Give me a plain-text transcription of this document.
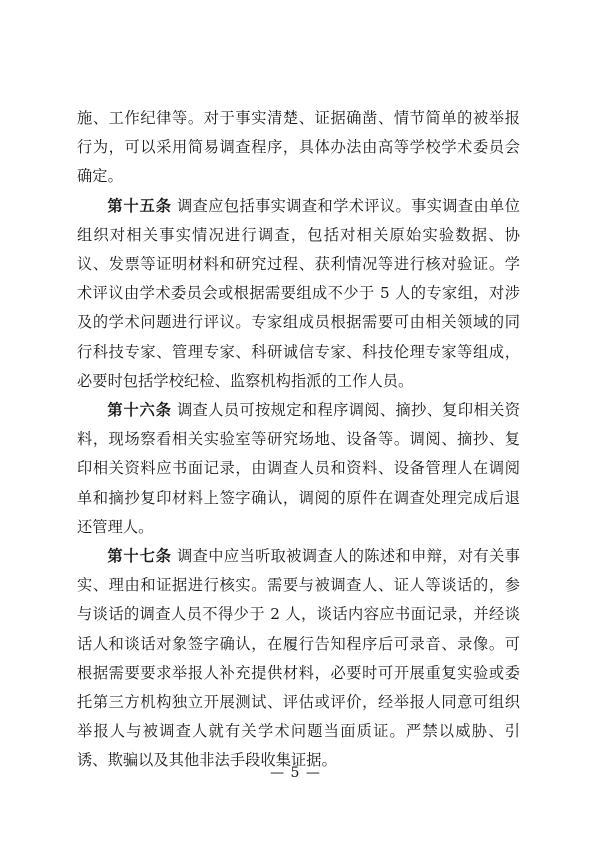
施、工作纪律等。对于事实清楚、证据确凿、情节简单的被举报行为，可以采用简易调查程序，具体办法由高等学校学术委员会确定。

第十五条 调查应包括事实调查和学术评议。事实调查由单位组织对相关事实情况进行调查，包括对相关原始实验数据、协议、发票等证明材料和研究过程、获利情况等进行核对验证。学术评议由学术委员会或根据需要组成不少于 5 人的专家组，对涉及的学术问题进行评议。专家组成员根据需要可由相关领域的同行科技专家、管理专家、科研诚信专家、科技伦理专家等组成，必要时包括学校纪检、监察机构指派的工作人员。

第十六条 调查人员可按规定和程序调阅、摘抄、复印相关资料，现场察看相关实验室等研究场地、设备等。调阅、摘抄、复印相关资料应书面记录，由调查人员和资料、设备管理人在调阅单和摘抄复印材料上签字确认，调阅的原件在调查处理完成后退还管理人。

第十七条 调查中应当听取被调查人的陈述和申辩，对有关事实、理由和证据进行核实。需要与被调查人、证人等谈话的，参与谈话的调查人员不得少于 2 人，谈话内容应书面记录，并经谈话人和谈话对象签字确认，在履行告知程序后可录音、录像。可根据需要要求举报人补充提供材料，必要时可开展重复实验或委托第三方机构独立开展测试、评估或评价，经举报人同意可组织举报人与被调查人就有关学术问题当面质证。严禁以威胁、引诱、欺骗以及其他非法手段收集证据。

— 5 —
